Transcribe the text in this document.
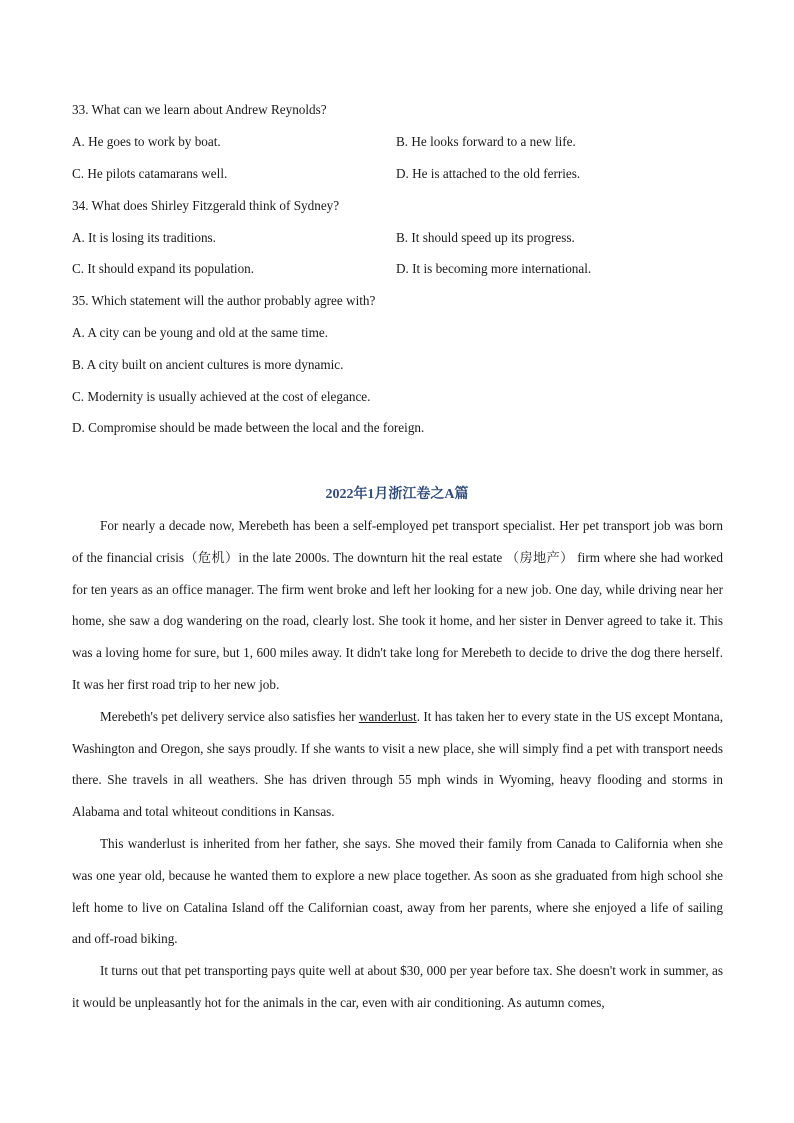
33. What can we learn about Andrew Reynolds?
A. He goes to work by boat.	B. He looks forward to a new life.
C. He pilots catamarans well.	D. He is attached to the old ferries.
34. What does Shirley Fitzgerald think of Sydney?
A. It is losing its traditions.	B. It should speed up its progress.
C. It should expand its population.	D. It is becoming more international.
35. Which statement will the author probably agree with?
A. A city can be young and old at the same time.
B. A city built on ancient cultures is more dynamic.
C. Modernity is usually achieved at the cost of elegance.
D. Compromise should be made between the local and the foreign.
2022年1月浙江卷之A篇

For nearly a decade now, Merebeth has been a self-employed pet transport specialist. Her pet transport job was born of the financial crisis（危机）in the late 2000s. The downturn hit the real estate （房地产） firm where she had worked for ten years as an office manager. The firm went broke and left her looking for a new job. One day, while driving near her home, she saw a dog wandering on the road, clearly lost. She took it home, and her sister in Denver agreed to take it. This was a loving home for sure, but 1, 600 miles away. It didn't take long for Merebeth to decide to drive the dog there herself. It was her first road trip to her new job.

Merebeth's pet delivery service also satisfies her wanderlust. It has taken her to every state in the US except Montana, Washington and Oregon, she says proudly. If she wants to visit a new place, she will simply find a pet with transport needs there. She travels in all weathers. She has driven through 55 mph winds in Wyoming, heavy flooding and storms in Alabama and total whiteout conditions in Kansas.

This wanderlust is inherited from her father, she says. She moved their family from Canada to California when she was one year old, because he wanted them to explore a new place together. As soon as she graduated from high school she left home to live on Catalina Island off the Californian coast, away from her parents, where she enjoyed a life of sailing and off-road biking.

It turns out that pet transporting pays quite well at about $30, 000 per year before tax. She doesn't work in summer, as it would be unpleasantly hot for the animals in the car, even with air conditioning. As autumn comes,
